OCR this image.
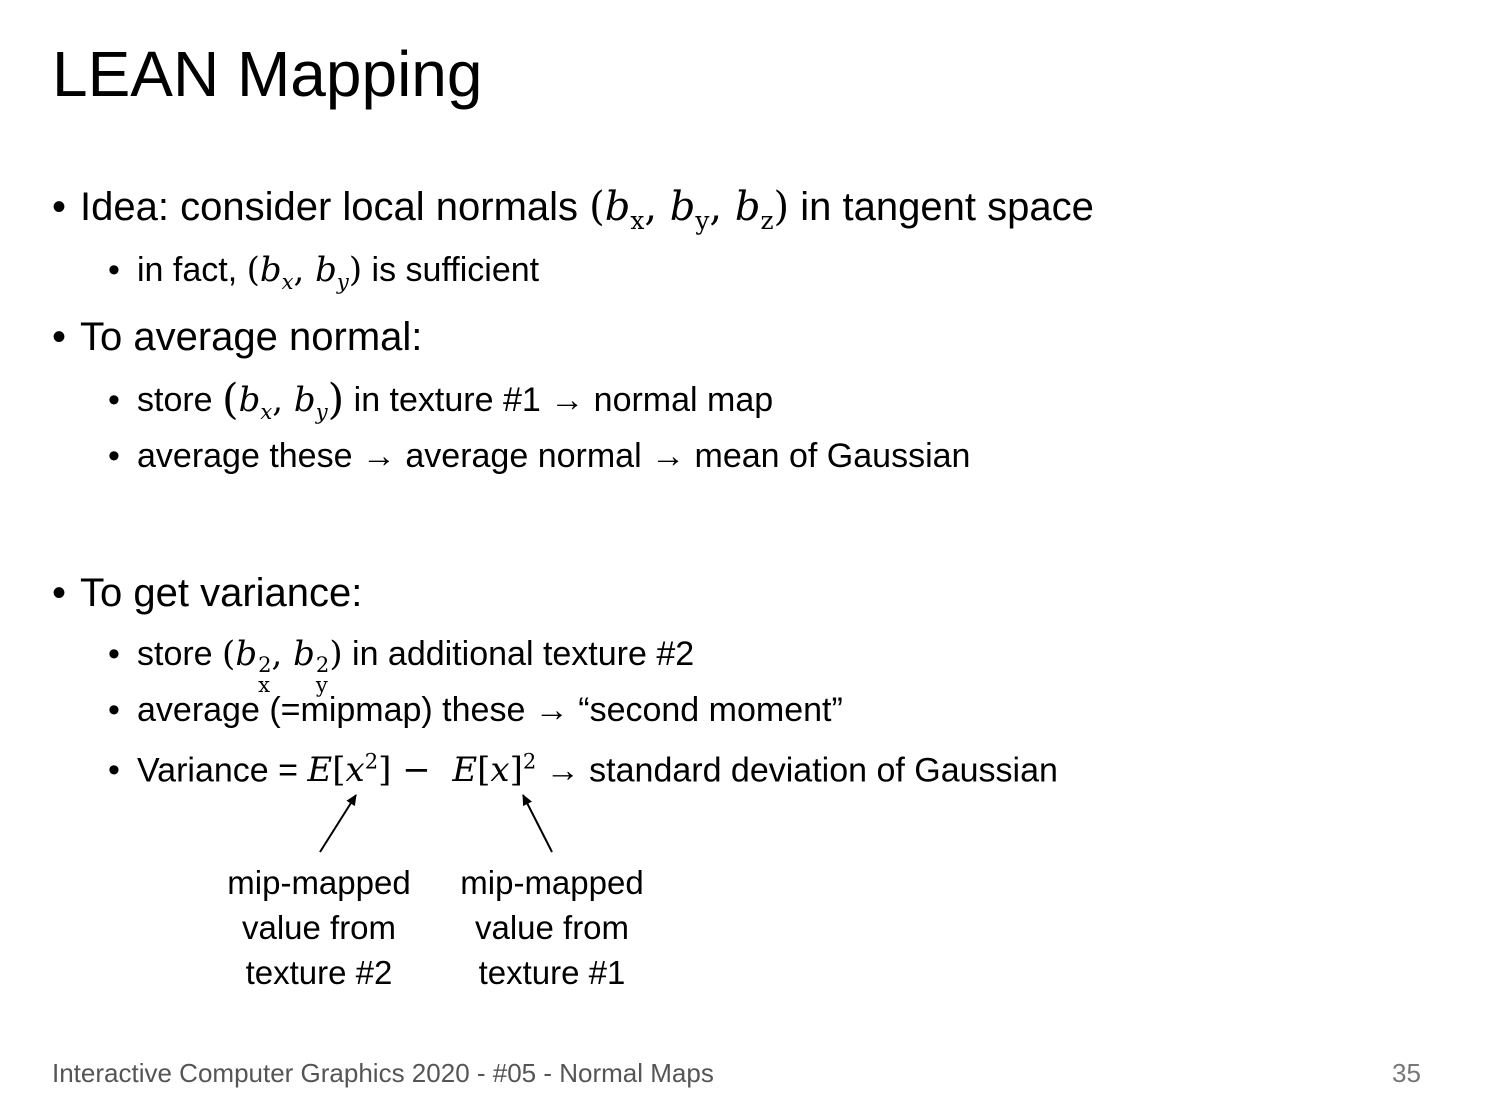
LEAN Mapping
• Idea: consider local normals ($b_x$, $b_y$, $b_z$) in tangent space
• in fact, ($b_x$, $b_y$) is sufficient
• To average normal:
• store ($b_x$, $b_y$) in texture #1 → normal map
• average these → average normal → mean of Gaussian
• To get variance:
• store (b 2
x
, b 2
y
) in additional texture #2
• average (=mipmap) these → “second moment”
• Variance = $E[x^2] - E[x]^2$ → standard deviation of Gaussian
mip-mapped
value from
texture #2
mip-mapped
value from
texture #1
Interactive Computer Graphics 2020 - #05 - Normal Maps	35
